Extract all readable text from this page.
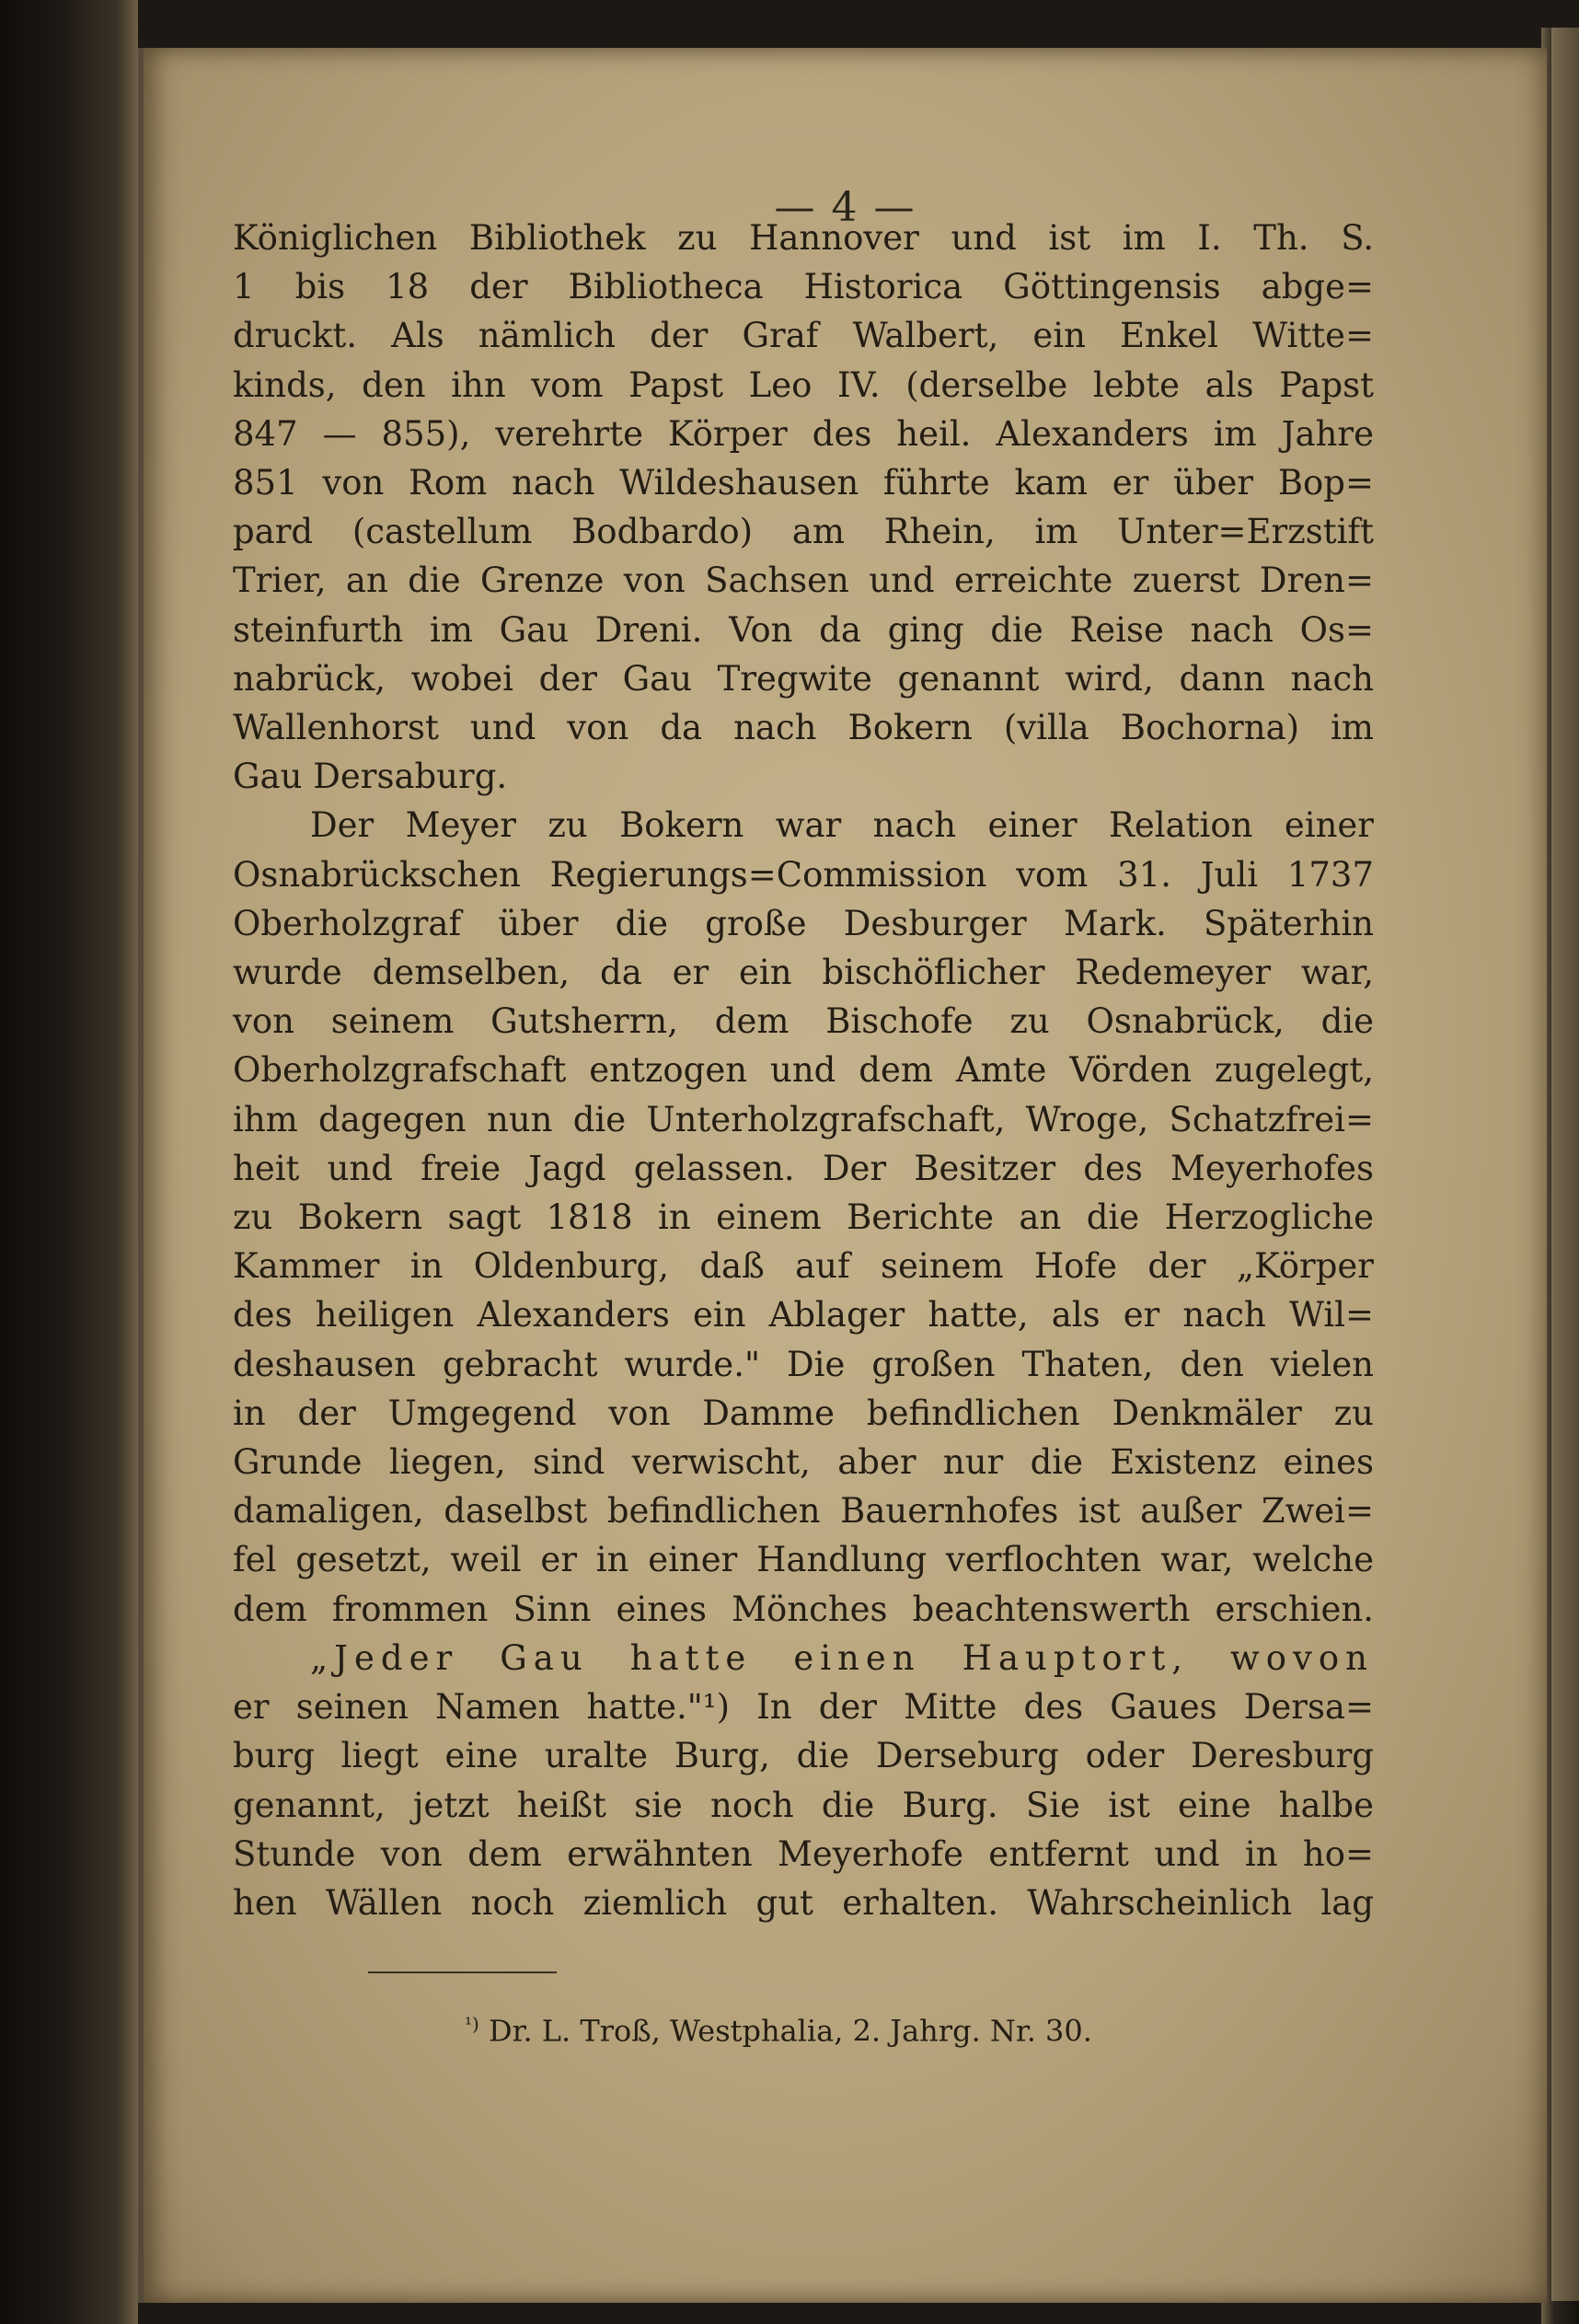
— 4 —
Königlichen Bibliothek zu Hannover und ist im I. Th. S.
1 bis 18 der Bibliotheca Historica Göttingensis abge=
druckt. Als nämlich der Graf Walbert, ein Enkel Witte=
kinds, den ihn vom Papst Leo IV. (derselbe lebte als Papst
847 — 855), verehrte Körper des heil. Alexanders im Jahre
851 von Rom nach Wildeshausen führte kam er über Bop=
pard (castellum Bodbardo) am Rhein, im Unter=Erzstift
Trier, an die Grenze von Sachsen und erreichte zuerst Dren=
steinfurth im Gau Dreni. Von da ging die Reise nach Os=
nabrück, wobei der Gau Tregwite genannt wird, dann nach
Wallenhorst und von da nach Bokern (villa Bochorna) im
Gau Dersaburg.
Der Meyer zu Bokern war nach einer Relation einer
Osnabrückschen Regierungs=Commission vom 31. Juli 1737
Oberholzgraf über die große Desburger Mark. Späterhin
wurde demselben, da er ein bischöflicher Redemeyer war,
von seinem Gutsherrn, dem Bischofe zu Osnabrück, die
Oberholzgrafschaft entzogen und dem Amte Vörden zugelegt,
ihm dagegen nun die Unterholzgrafschaft, Wroge, Schatzfrei=
heit und freie Jagd gelassen. Der Besitzer des Meyerhofes
zu Bokern sagt 1818 in einem Berichte an die Herzogliche
Kammer in Oldenburg, daß auf seinem Hofe der „Körper
des heiligen Alexanders ein Ablager hatte, als er nach Wil=
deshausen gebracht wurde." Die großen Thaten, den vielen
in der Umgegend von Damme befindlichen Denkmäler zu
Grunde liegen, sind verwischt, aber nur die Existenz eines
damaligen, daselbst befindlichen Bauernhofes ist außer Zwei=
fel gesetzt, weil er in einer Handlung verflochten war, welche
dem frommen Sinn eines Mönches beachtenswerth erschien.
„Jeder Gau hatte einen Hauptort, wovon
er seinen Namen hatte."¹) In der Mitte des Gaues Dersa=
burg liegt eine uralte Burg, die Derseburg oder Deresburg
genannt, jetzt heißt sie noch die Burg. Sie ist eine halbe
Stunde von dem erwähnten Meyerhofe entfernt und in ho=
hen Wällen noch ziemlich gut erhalten. Wahrscheinlich lag
$^{^1)}$ Dr. L. Troß, Westphalia, 2. Jahrg. Nr. 30.
